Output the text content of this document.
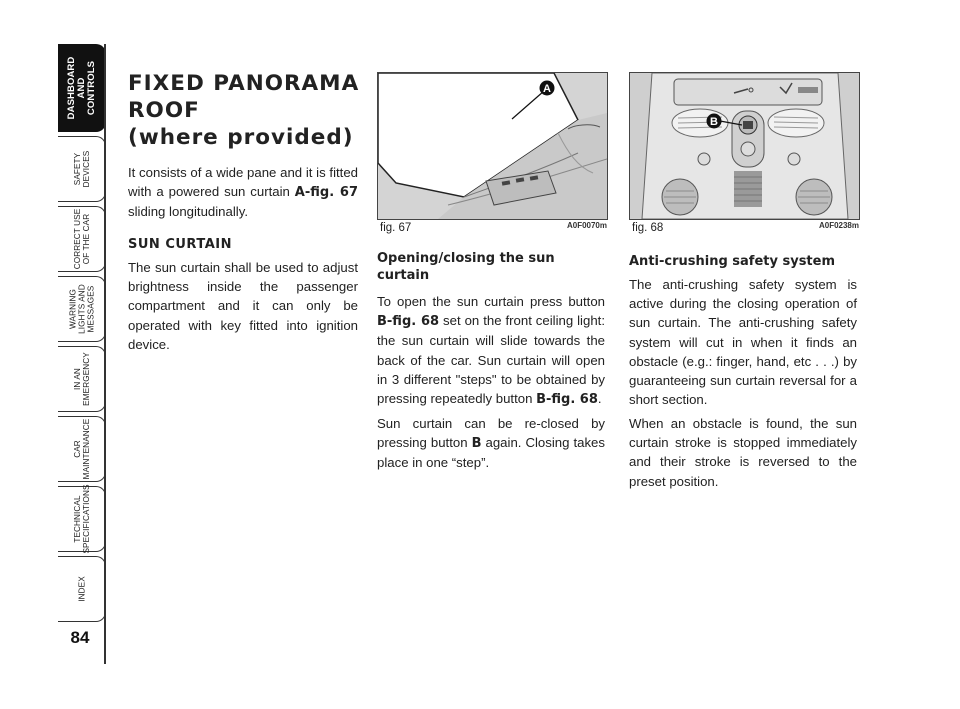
DASHBOARD
AND
CONTROLS
SAFETY
DEVICES
CORRECT USE
OF THE CAR
WARNING
LIGHTS AND
MESSAGES
IN AN
EMERGENCY
CAR
MAINTENANCE
TECHNICAL
SPECIFICATIONS
INDEX
84
FIXED PANORAMA
ROOF
(where provided)

It consists of a wide pane and it is fitted with a powered sun curtain A-fig. 67 sliding longitudinally.

SUN CURTAIN

The sun curtain shall be used to adjust brightness inside the passenger compartment and it can only be operated with key fitted into ignition device.

A
fig. 67	A0F0070m
B
fig. 68	A0F0238m
Opening/closing the sun curtain

To open the sun curtain press button B-fig. 68 set on the front ceiling light: the sun curtain will slide towards the back of the car. Sun curtain will open in 3 different "steps" to be obtained by pressing repeatedly button B-fig. 68.

Sun curtain can be re-closed by pressing button B again. Closing takes place in one “step”.

Anti-crushing safety system

The anti-crushing safety system is active during the closing operation of sun curtain. The anti-crushing safety system will cut in when it finds an obstacle (e.g.: finger, hand, etc . . .) by guaranteeing sun curtain reversal for a short section.

When an obstacle is found, the sun curtain stroke is stopped immediately and their stroke is reversed to the preset position.
